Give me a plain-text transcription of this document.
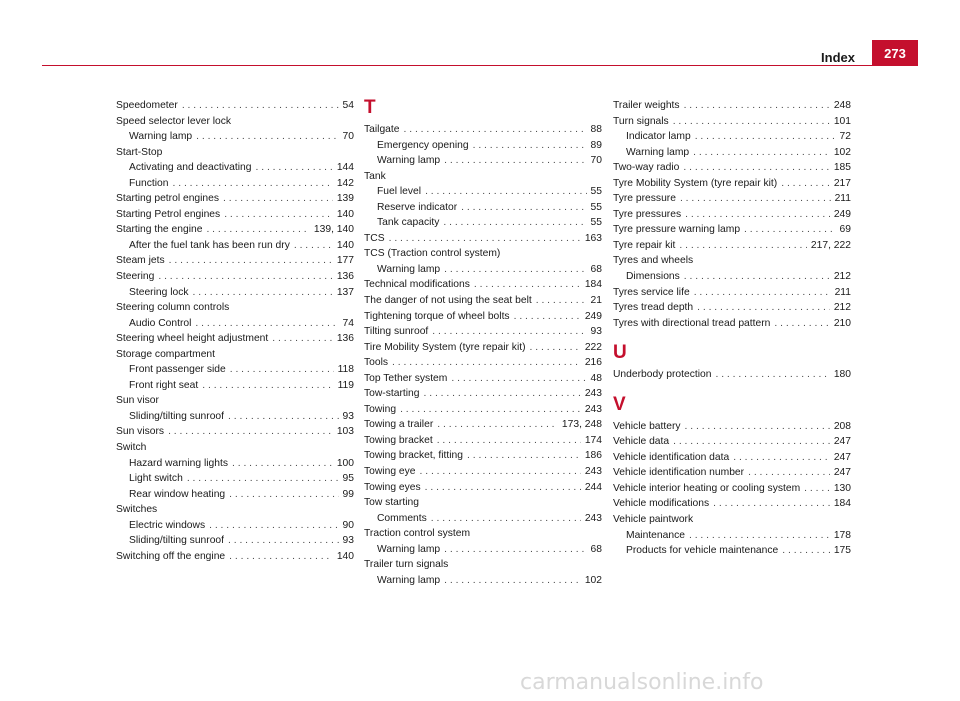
Index 273
Speedometer . . .	54
Speed selector lever lock
Warning lamp . . .	70
Start-Stop
Activating and deactivating . . .	144
Function . . .	142
Starting petrol engines . . .	139
Starting Petrol engines . . .	140
Starting the engine . . .	139, 140
After the fuel tank has been run dry . . .	140
Steam jets . . .	177
Steering . . .	136
Steering lock . . .	137
Steering column controls
Audio Control . . .	74
Steering wheel height adjustment . . .	136
Storage compartment
Front passenger side . . .	118
Front right seat . . .	119
Sun visor
Sliding/tilting sunroof . . .	93
Sun visors . . .	103
Switch
Hazard warning lights . . .	100
Light switch . . .	95
Rear window heating . . .	99
Switches
Electric windows . . .	90
Sliding/tilting sunroof . . .	93
Switching off the engine . . .	140
T
Tailgate . . .	88
Emergency opening . . .	89
Warning lamp . . .	70
Tank
Fuel level . . .	55
Reserve indicator . . .	55
Tank capacity . . .	55
TCS . . .	163
TCS (Traction control system)
Warning lamp . . .	68
Technical modifications . . .	184
The danger of not using the seat belt . . .	21
Tightening torque of wheel bolts . . .	249
Tilting sunroof . . .	93
Tire Mobility System (tyre repair kit) . . .	222
Tools . . .	216
Top Tether system . . .	48
Tow-starting . . .	243
Towing . . .	243
Towing a trailer . . .	173, 248
Towing bracket . . .	174
Towing bracket, fitting . . .	186
Towing eye . . .	243
Towing eyes . . .	244
Tow starting
Comments . . .	243
Traction control system
Warning lamp . . .	68
Trailer turn signals
Warning lamp . . .	102
Trailer weights . . .	248
Turn signals . . .	101
Indicator lamp . . .	72
Warning lamp . . .	102
Two-way radio . . .	185
Tyre Mobility System (tyre repair kit) . . .	217
Tyre pressure . . .	211
Tyre pressures . . .	249
Tyre pressure warning lamp . . .	69
Tyre repair kit . . .	217, 222
Tyres and wheels
Dimensions . . .	212
Tyres service life . . .	211
Tyres tread depth . . .	212
Tyres with directional tread pattern . . .	210
U
Underbody protection . . .	180
V
Vehicle battery . . .	208
Vehicle data . . .	247
Vehicle identification data . . .	247
Vehicle identification number . . .	247
Vehicle interior heating or cooling system . . .	130
Vehicle modifications . . .	184
Vehicle paintwork
Maintenance . . .	178
Products for vehicle maintenance . . .	175
carmanualsonline.info
